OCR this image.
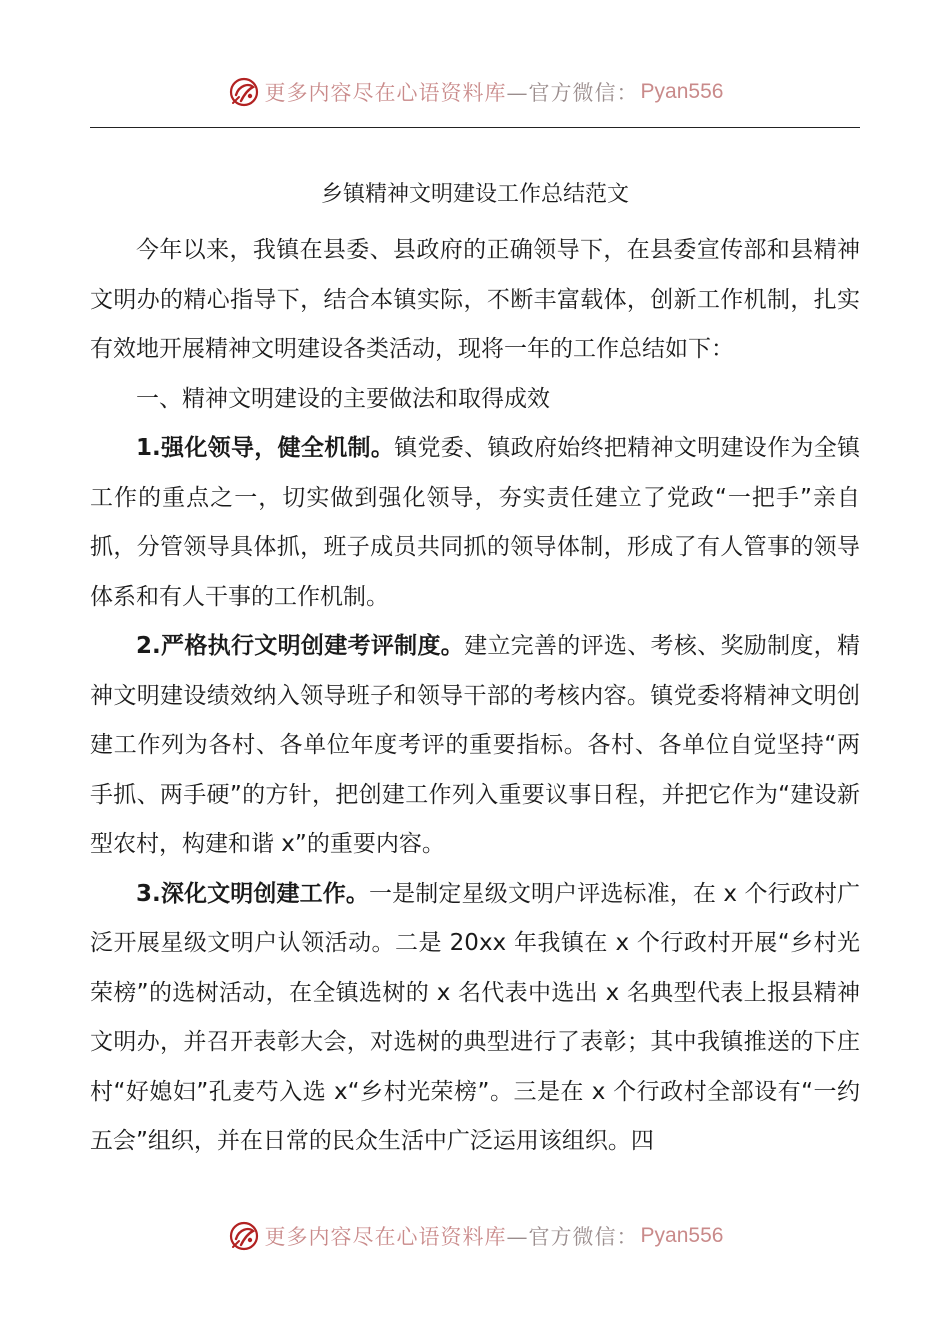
更多内容尽在心语资料库—官方微信： Pyan556
乡镇精神文明建设工作总结范文

今年以来，我镇在县委、县政府的正确领导下，在县委宣传部和县精神文明办的精心指导下，结合本镇实际，不断丰富载体，创新工作机制，扎实有效地开展精神文明建设各类活动，现将一年的工作总结如下：

一、精神文明建设的主要做法和取得成效

1.强化领导，健全机制。镇党委、镇政府始终把精神文明建设作为全镇工作的重点之一，切实做到强化领导，夯实责任建立了党政“一把手”亲自抓，分管领导具体抓，班子成员共同抓的领导体制，形成了有人管事的领导体系和有人干事的工作机制。

2.严格执行文明创建考评制度。建立完善的评选、考核、奖励制度，精神文明建设绩效纳入领导班子和领导干部的考核内容。镇党委将精神文明创建工作列为各村、各单位年度考评的重要指标。各村、各单位自觉坚持“两手抓、两手硬”的方针，把创建工作列入重要议事日程，并把它作为“建设新型农村，构建和谐 x”的重要内容。

3.深化文明创建工作。一是制定星级文明户评选标准，在 x 个行政村广泛开展星级文明户认领活动。二是 20xx 年我镇在 x 个行政村开展“乡村光荣榜”的选树活动，在全镇选树的 x 名代表中选出 x 名典型代表上报县精神文明办，并召开表彰大会，对选树的典型进行了表彰；其中我镇推送的下庄村“好媳妇”孔麦芍入选 x“乡村光荣榜”。三是在 x 个行政村全部设有“一约五会”组织，并在日常的民众生活中广泛运用该组织。四

更多内容尽在心语资料库—官方微信： Pyan556
